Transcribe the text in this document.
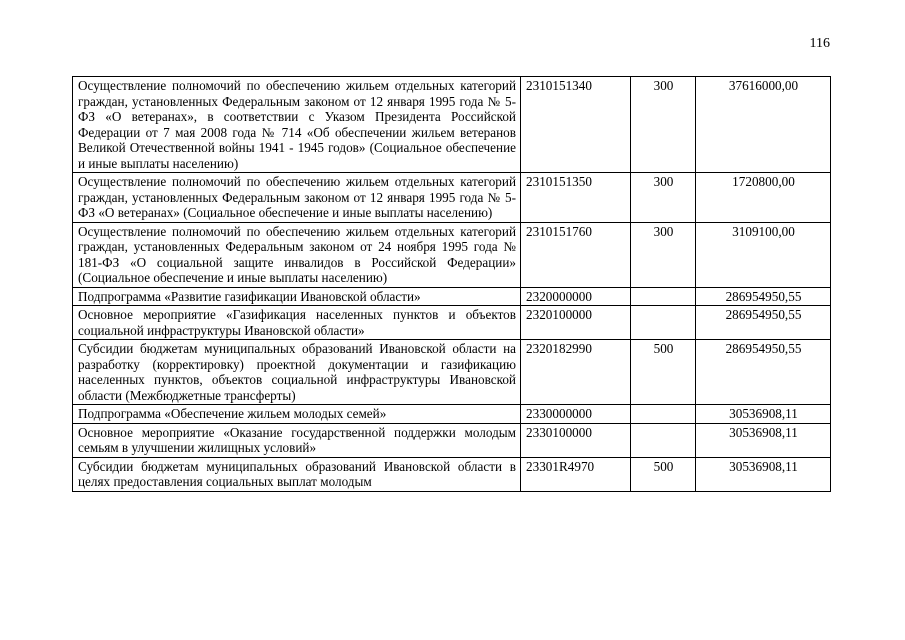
116
Осуществление полномочий по обеспечению жильем отдельных категорий граждан, установленных Федеральным законом от 12 января 1995 года № 5-ФЗ «О ветеранах», в соответствии с Указом Президента Российской Федерации от 7 мая 2008 года № 714 «Об обеспечении жильем ветеранов Великой Отечественной войны 1941 - 1945 годов» (Социальное обеспечение и иные выплаты населению)	2310151340	300	37616000,00
Осуществление полномочий по обеспечению жильем отдельных категорий граждан, установленных Федеральным законом от 12 января 1995 года № 5-ФЗ «О ветеранах» (Социальное обеспечение и иные выплаты населению)	2310151350	300	1720800,00
Осуществление полномочий по обеспечению жильем отдельных категорий граждан, установленных Федеральным законом от 24 ноября 1995 года № 181-ФЗ «О социальной защите инвалидов в Российской Федерации» (Социальное обеспечение и иные выплаты населению)	2310151760	300	3109100,00
Подпрограмма «Развитие газификации Ивановской области»	2320000000		286954950,55
Основное мероприятие «Газификация населенных пунктов и объектов социальной инфраструктуры Ивановской области»	2320100000		286954950,55
Субсидии бюджетам муниципальных образований Ивановской области на разработку (корректировку) проектной документации и газификацию населенных пунктов, объектов социальной инфраструктуры Ивановской области (Межбюджетные трансферты)	2320182990	500	286954950,55
Подпрограмма «Обеспечение жильем молодых семей»	2330000000		30536908,11
Основное мероприятие «Оказание государственной поддержки молодым семьям в улучшении жилищных условий»	2330100000		30536908,11
Субсидии бюджетам муниципальных образований Ивановской области в целях предоставления социальных выплат молодым	23301R4970	500	30536908,11
